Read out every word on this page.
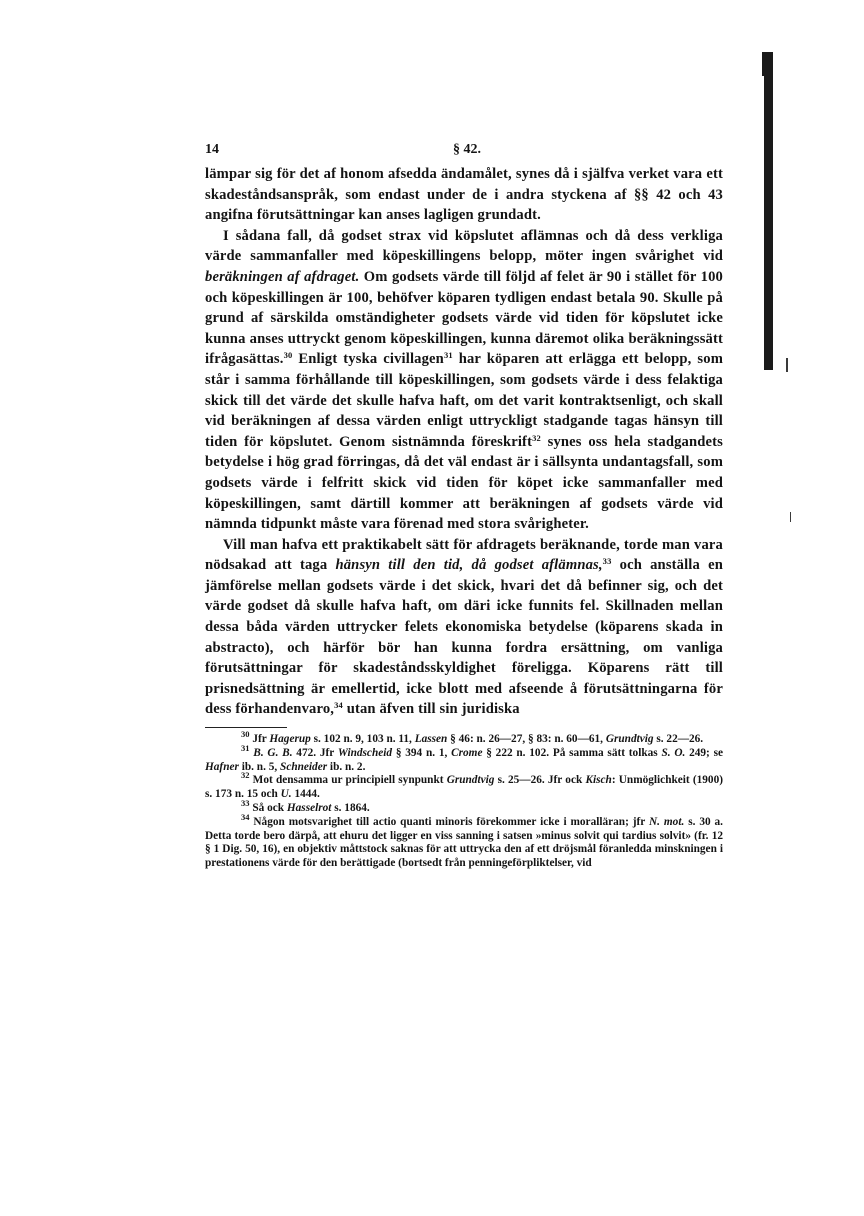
14	§ 42.

lämpar sig för det af honom afsedda ändamålet, synes då i själfva verket vara ett skadeståndsanspråk, som endast under de i andra styckena af §§ 42 och 43 angifna förutsättningar kan anses lagligen grundadt.

I sådana fall, då godset strax vid köpslutet aflämnas och då dess verkliga värde sammanfaller med köpeskillingens belopp, möter ingen svårighet vid beräkningen af afdraget. Om godsets värde till följd af felet är 90 i stället för 100 och köpeskillingen är 100, behöfver köparen tydligen endast betala 90. Skulle på grund af särskilda omständigheter godsets värde vid tiden för köpslutet icke kunna anses uttryckt genom köpeskillingen, kunna däremot olika beräkningssätt ifrågasättas.$^{30}$ Enligt tyska civillagen$^{31}$ har köparen att erlägga ett belopp, som står i samma förhållande till köpeskillingen, som godsets värde i dess felaktiga skick till det värde det skulle hafva haft, om det varit kontraktsenligt, och skall vid beräkningen af dessa värden enligt uttryckligt stadgande tagas hänsyn till tiden för köpslutet. Genom sistnämnda föreskrift$^{32}$ synes oss hela stadgandets betydelse i hög grad förringas, då det väl endast är i sällsynta undantagsfall, som godsets värde i felfritt skick vid tiden för köpet icke sammanfaller med köpeskillingen, samt därtill kommer att beräkningen af godsets värde vid nämnda tidpunkt måste vara förenad med stora svårigheter.

Vill man hafva ett praktikabelt sätt för afdragets beräknande, torde man vara nödsakad att taga hänsyn till den tid, då godset aflämnas,$^{33}$ och anställa en jämförelse mellan godsets värde i det skick, hvari det då befinner sig, och det värde godset då skulle hafva haft, om däri icke funnits fel. Skillnaden mellan dessa båda värden uttrycker felets ekonomiska betydelse (köparens skada in abstracto), och härför bör han kunna fordra ersättning, om vanliga förutsättningar för skadeståndsskyldighet föreligga. Köparens rätt till prisnedsättning är emellertid, icke blott med afseende å förutsättningarna för dess förhandenvaro,$^{34}$ utan äfven till sin juridiska

$^{30}$ Jfr Hagerup s. 102 n. 9, 103 n. 11, Lassen § 46: n. 26—27, § 83: n. 60—61, Grundtvig s. 22—26.

$^{31}$ B. G. B. 472. Jfr Windscheid § 394 n. 1, Crome § 222 n. 102. På samma sätt tolkas S. O. 249; se Hafner ib. n. 5, Schneider ib. n. 2.

$^{32}$ Mot densamma ur principiell synpunkt Grundtvig s. 25—26. Jfr ock Kisch: Unmöglichkeit (1900) s. 173 n. 15 och U. 1444.

$^{33}$ Så ock Hasselrot s. 1864.

$^{34}$ Någon motsvarighet till actio quanti minoris förekommer icke i moralläran; jfr N. mot. s. 30 a. Detta torde bero därpå, att ehuru det ligger en viss sanning i satsen »minus solvit qui tardius solvit» (fr. 12 § 1 Dig. 50, 16), en objektiv måttstock saknas för att uttrycka den af ett dröjsmål föranledda minskningen i prestationens värde för den berättigade (bortsedt från penningeförpliktelser, vid
